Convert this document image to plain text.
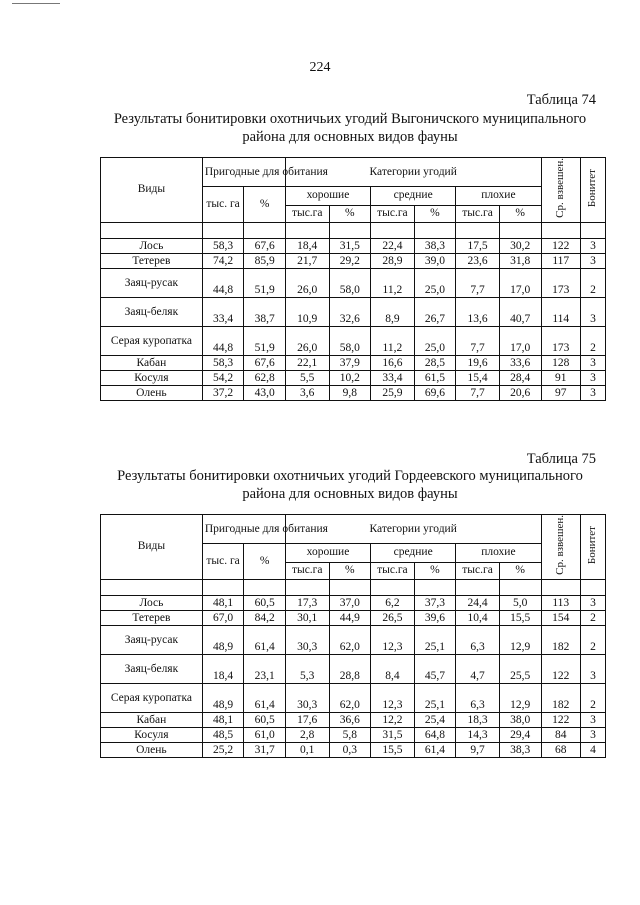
224
Таблица 74
Результаты бонитировки охотничьих угодий Выгоничского муниципального
района для основных видов фауны
Виды	Пригодные для обитания		Категории угодий						Ср. взвешен.	Бонитет
	тыс. га	%	хорошие		средние		плохие			
			тыс.га	%	тыс.га	%	тыс.га	%		

Лось	58,3	67,6	18,4	31,5	22,4	38,3	17,5	30,2	122	3
Тетерев	74,2	85,9	21,7	29,2	28,9	39,0	23,6	31,8	117	3
Заяц-русак	44,8	51,9	26,0	58,0	11,2	25,0	7,7	17,0	173	2
Заяц-беляк	33,4	38,7	10,9	32,6	8,9	26,7	13,6	40,7	114	3
Серая куропатка	44,8	51,9	26,0	58,0	11,2	25,0	7,7	17,0	173	2
Кабан	58,3	67,6	22,1	37,9	16,6	28,5	19,6	33,6	128	3
Косуля	54,2	62,8	5,5	10,2	33,4	61,5	15,4	28,4	91	3
Олень	37,2	43,0	3,6	9,8	25,9	69,6	7,7	20,6	97	3
Таблица 75
Результаты бонитировки охотничьих угодий Гордеевского муниципального
района для основных видов фауны
Виды	Пригодные для обитания		Категории угодий						Ср. взвешен.	Бонитет
	тыс. га	%	хорошие		средние		плохие			
			тыс.га	%	тыс.га	%	тыс.га	%		

Лось	48,1	60,5	17,3	37,0	6,2	37,3	24,4	5,0	113	3
Тетерев	67,0	84,2	30,1	44,9	26,5	39,6	10,4	15,5	154	2
Заяц-русак	48,9	61,4	30,3	62,0	12,3	25,1	6,3	12,9	182	2
Заяц-беляк	18,4	23,1	5,3	28,8	8,4	45,7	4,7	25,5	122	3
Серая куропатка	48,9	61,4	30,3	62,0	12,3	25,1	6,3	12,9	182	2
Кабан	48,1	60,5	17,6	36,6	12,2	25,4	18,3	38,0	122	3
Косуля	48,5	61,0	2,8	5,8	31,5	64,8	14,3	29,4	84	3
Олень	25,2	31,7	0,1	0,3	15,5	61,4	9,7	38,3	68	4
